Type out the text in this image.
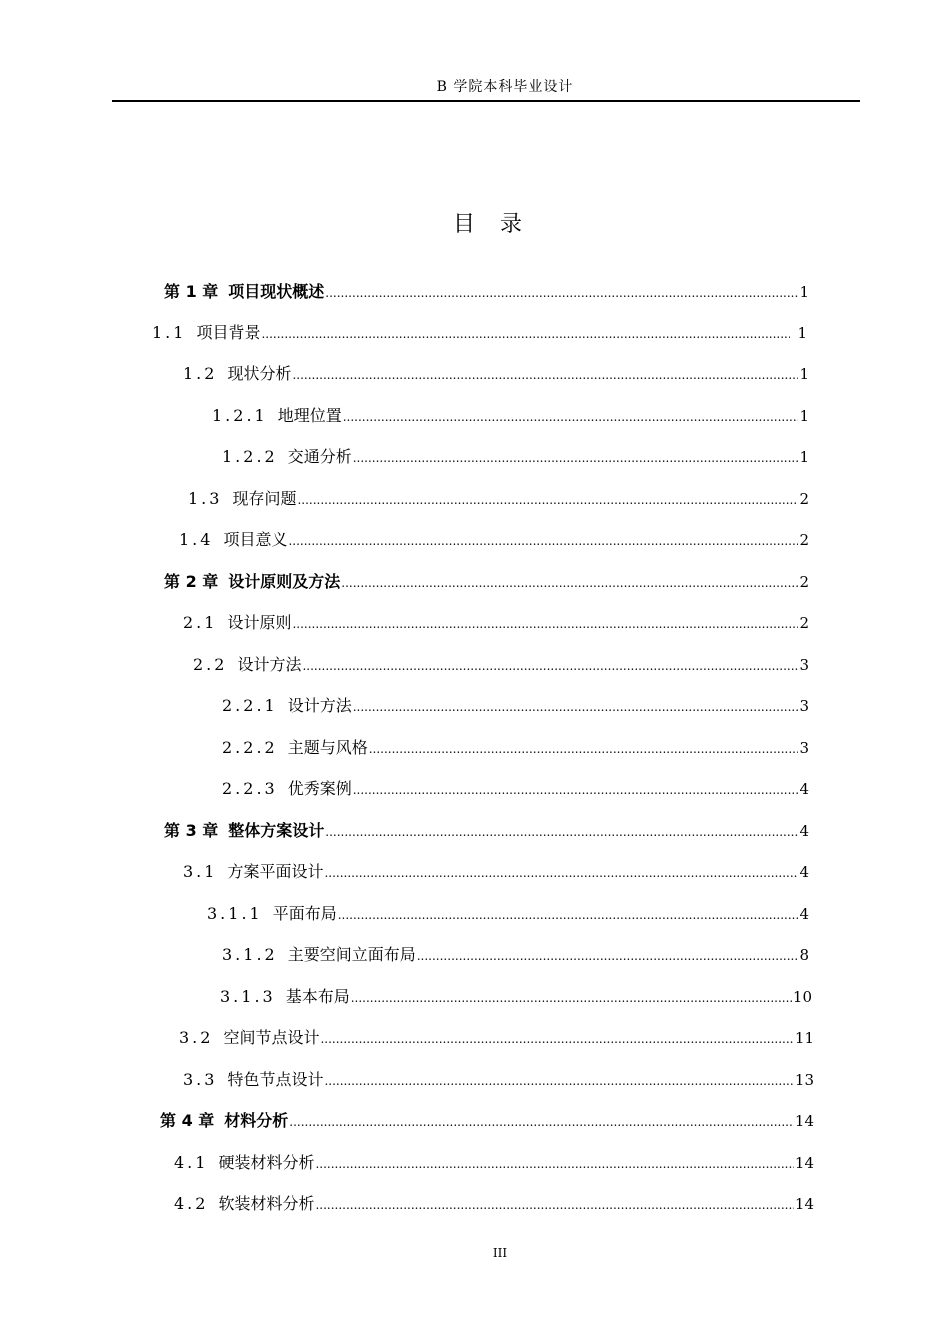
B 学院本科毕业设计
目 录
第 1 章 项目现状概述 .....	1
1.1 项目背景 .....	1
1.2 现状分析 .....	1
1.2.1 地理位置 .....	1
1.2.2 交通分析 .....	1
1.3 现存问题 .....	2
1.4 项目意义 .....	2
第 2 章 设计原则及方法 .....	2
2.1 设计原则 .....	2
2.2 设计方法 .....	3
2.2.1 设计方法 .....	3
2.2.2 主题与风格 .....	3
2.2.3 优秀案例 .....	4
第 3 章 整体方案设计 .....	4
3.1 方案平面设计 .....	4
3.1.1 平面布局 .....	4
3.1.2 主要空间立面布局 .....	8
3.1.3 基本布局 .....	10
3.2 空间节点设计 .....	11
3.3 特色节点设计 .....	13
第 4 章 材料分析 .....	14
4.1 硬装材料分析 .....	14
4.2 软装材料分析 .....	14
III
